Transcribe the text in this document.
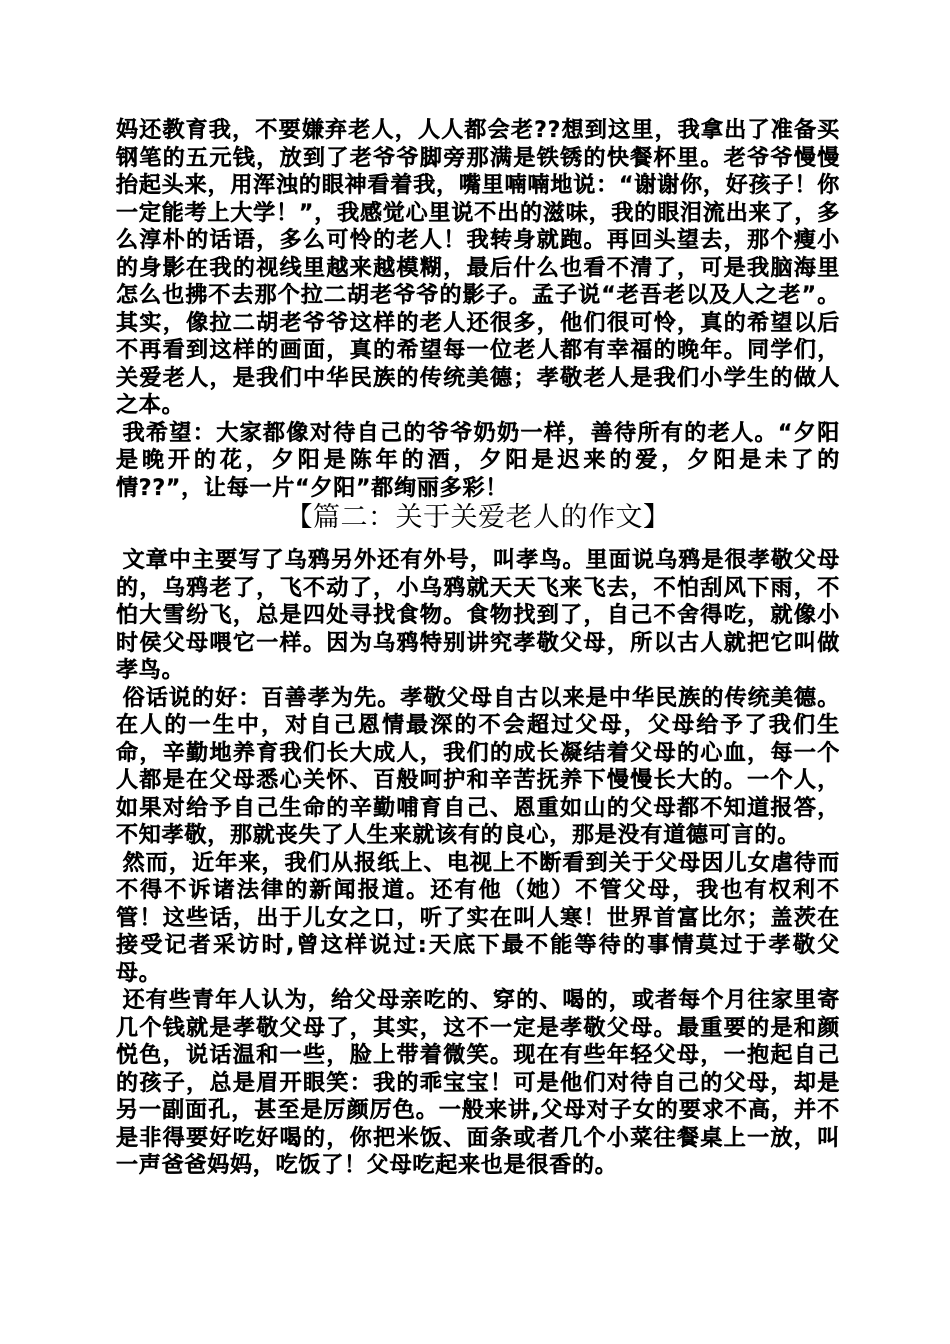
妈还教育我，不要嫌弃老人，人人都会老??想到这里，我拿出了准备买钢笔的五元钱，放到了老爷爷脚旁那满是铁锈的快餐杯里。老爷爷慢慢抬起头来，用浑浊的眼神看着我，嘴里喃喃地说：“谢谢你，好孩子！你一定能考上大学！”，我感觉心里说不出的滋味，我的眼泪流出来了，多么淳朴的话语，多么可怜的老人！我转身就跑。再回头望去，那个瘦小的身影在我的视线里越来越模糊，最后什么也看不清了，可是我脑海里怎么也拂不去那个拉二胡老爷爷的影子。孟子说“老吾老以及人之老”。其实，像拉二胡老爷爷这样的老人还很多，他们很可怜，真的希望以后不再看到这样的画面，真的希望每一位老人都有幸福的晚年。同学们，关爱老人，是我们中华民族的传统美德；孝敬老人是我们小学生的做人之本。

我希望：大家都像对待自己的爷爷奶奶一样，善待所有的老人。“夕阳是晚开的花，夕阳是陈年的酒，夕阳是迟来的爱，夕阳是未了的情??”，让每一片“夕阳”都绚丽多彩！

【篇二：关于关爱老人的作文】

文章中主要写了乌鸦另外还有外号，叫孝鸟。里面说乌鸦是很孝敬父母的，乌鸦老了，飞不动了，小乌鸦就天天飞来飞去，不怕刮风下雨，不怕大雪纷飞，总是四处寻找食物。食物找到了，自己不舍得吃，就像小时侯父母喂它一样。因为乌鸦特别讲究孝敬父母，所以古人就把它叫做孝鸟。

俗话说的好：百善孝为先。孝敬父母自古以来是中华民族的传统美德。在人的一生中，对自己恩情最深的不会超过父母，父母给予了我们生命，辛勤地养育我们长大成人，我们的成长凝结着父母的心血，每一个人都是在父母悉心关怀、百般呵护和辛苦抚养下慢慢长大的。一个人，如果对给予自己生命的辛勤哺育自己、恩重如山的父母都不知道报答，不知孝敬，那就丧失了人生来就该有的良心，那是没有道德可言的。

然而，近年来，我们从报纸上、电视上不断看到关于父母因儿女虐待而不得不诉诸法律的新闻报道。还有他（她）不管父母，我也有权利不管！这些话，出于儿女之口，听了实在叫人寒！世界首富比尔；盖茨在接受记者采访时,曾这样说过:天底下最不能等待的事情莫过于孝敬父母。

还有些青年人认为，给父母亲吃的、穿的、喝的，或者每个月往家里寄几个钱就是孝敬父母了，其实，这不一定是孝敬父母。最重要的是和颜悦色，说话温和一些，脸上带着微笑。现在有些年轻父母，一抱起自己的孩子，总是眉开眼笑：我的乖宝宝！可是他们对待自己的父母，却是另一副面孔，甚至是厉颜厉色。一般来讲,父母对子女的要求不高，并不是非得要好吃好喝的，你把米饭、面条或者几个小菜往餐桌上一放，叫一声爸爸妈妈，吃饭了！父母吃起来也是很香的。
